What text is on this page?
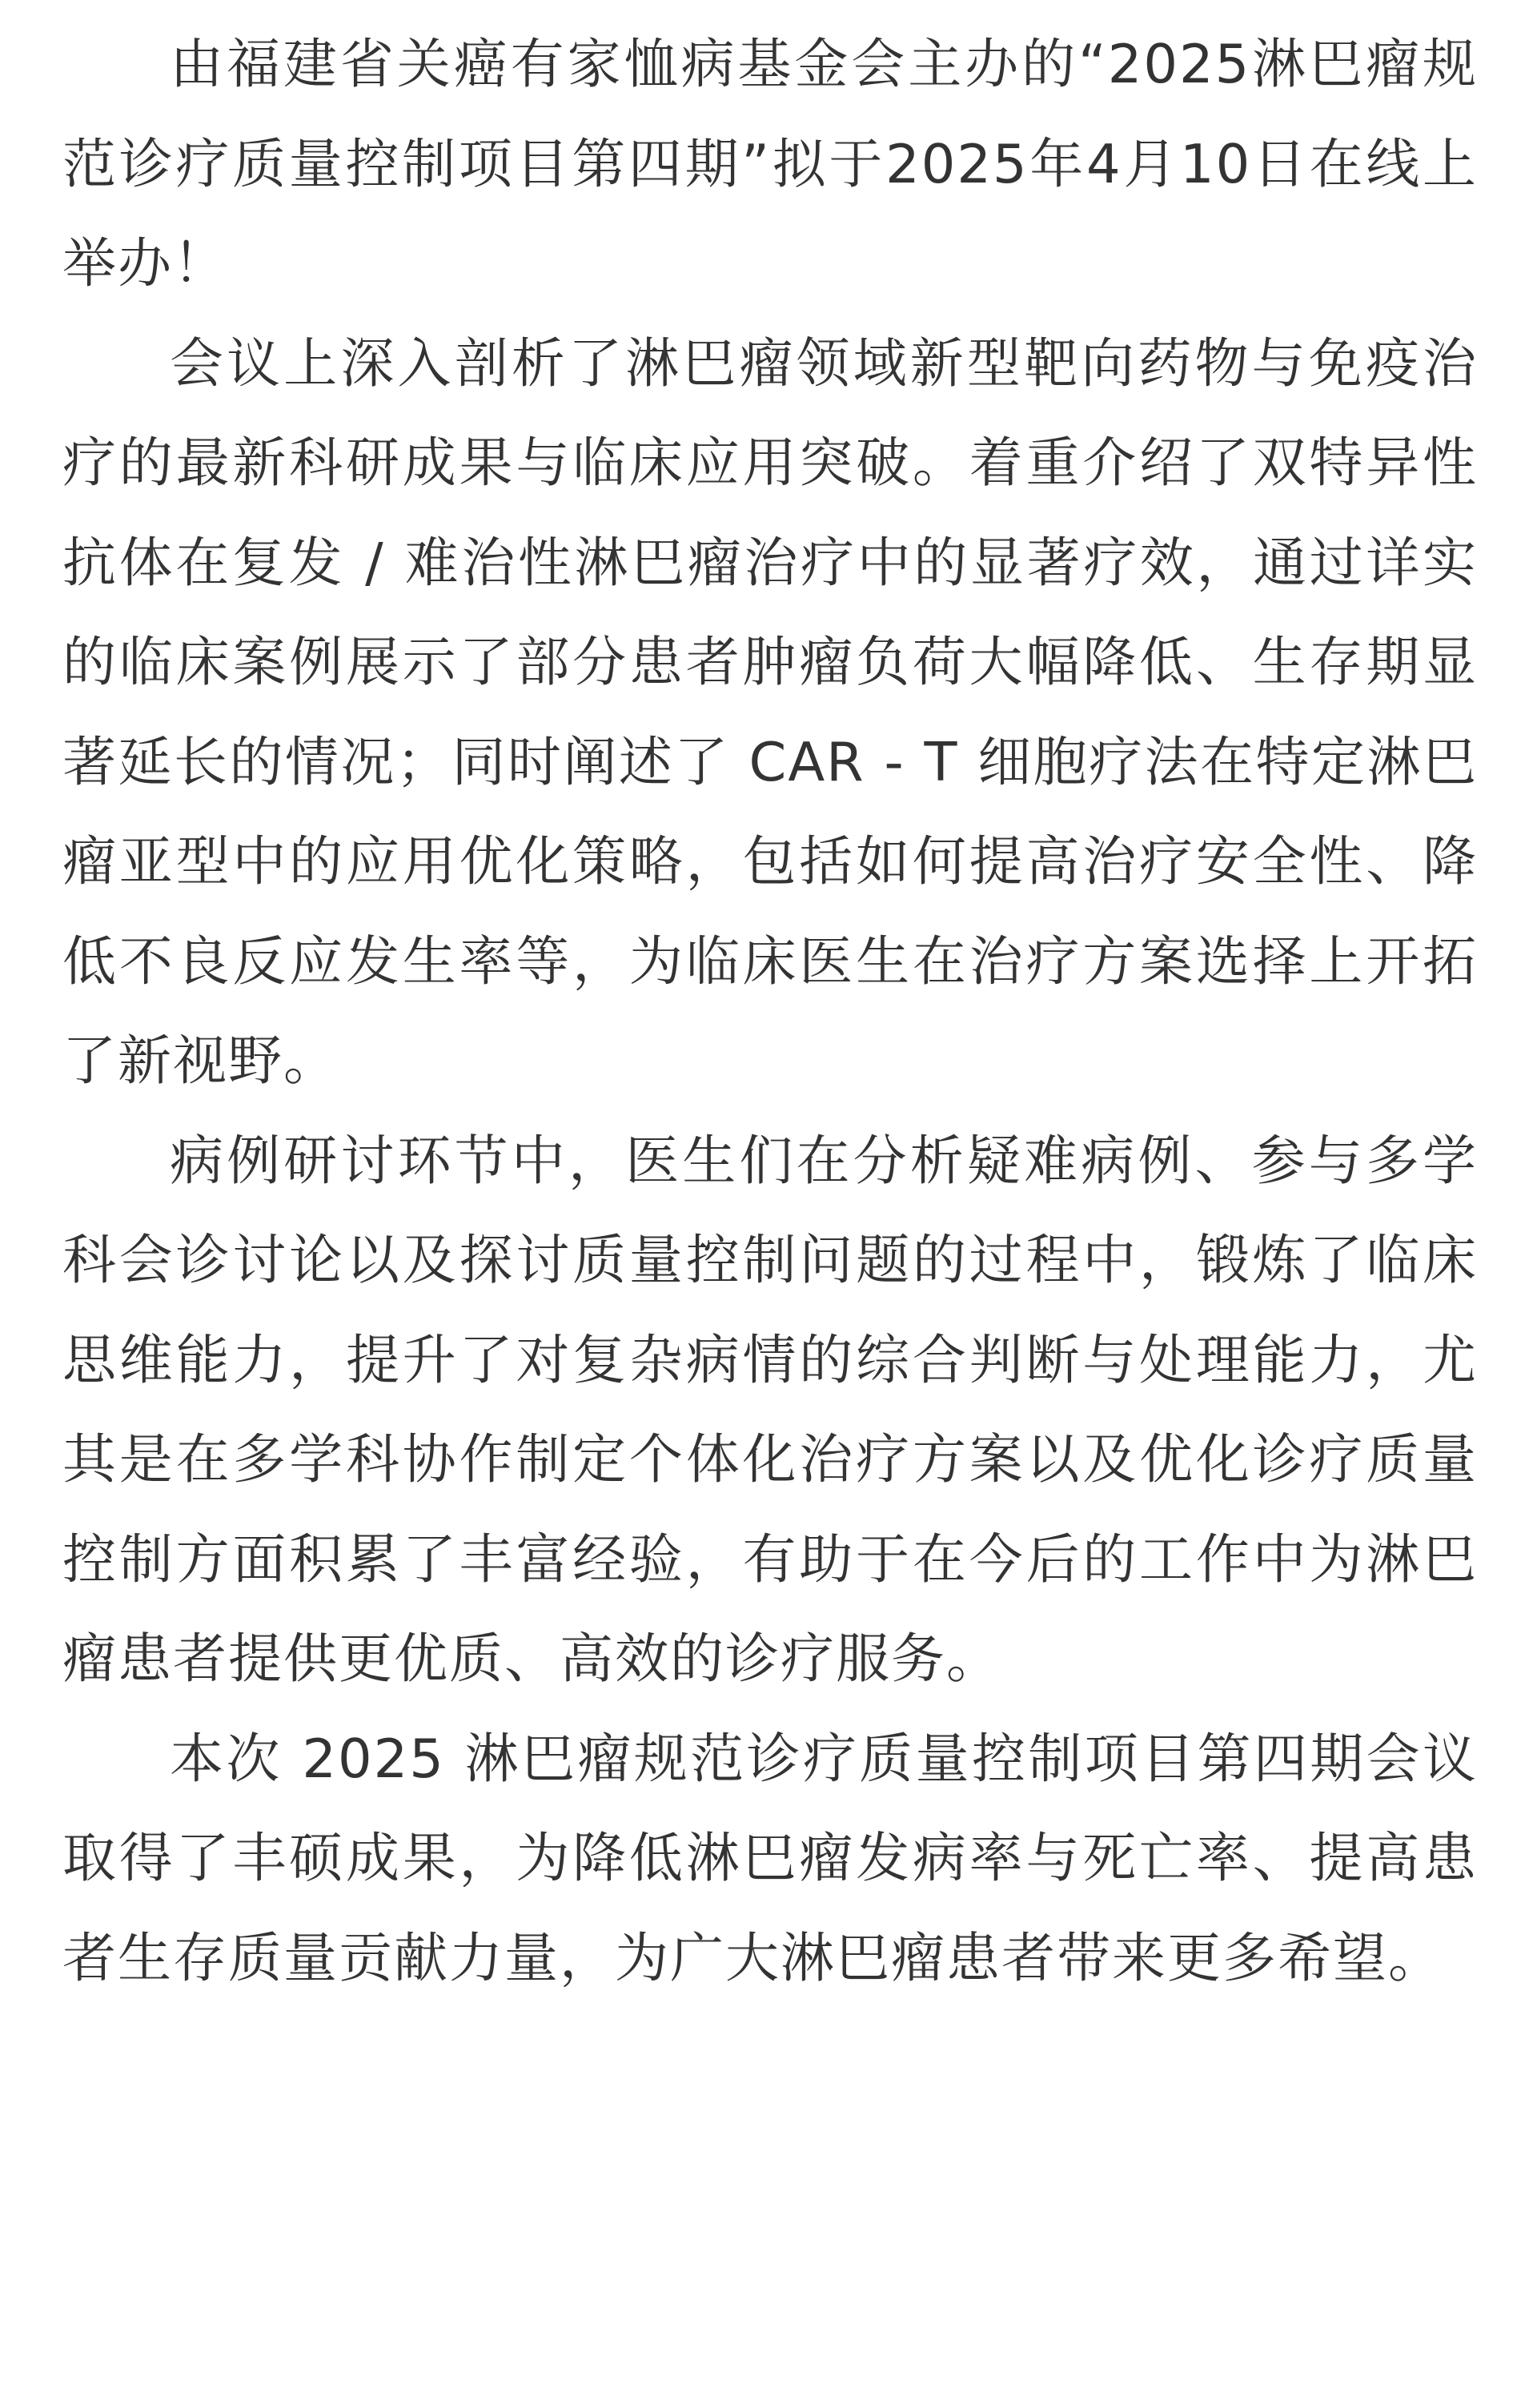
由福建省关癌有家恤病基金会主办的“2025淋巴瘤规范诊疗质量控制项目第四期”拟于2025年4月10日在线上举办！

会议上深入剖析了淋巴瘤领域新型靶向药物与免疫治疗的最新科研成果与临床应用突破。着重介绍了双特异性抗体在复发 / 难治性淋巴瘤治疗中的显著疗效，通过详实的临床案例展示了部分患者肿瘤负荷大幅降低、生存期显著延长的情况；同时阐述了 CAR - T 细胞疗法在特定淋巴瘤亚型中的应用优化策略，包括如何提高治疗安全性、降低不良反应发生率等，为临床医生在治疗方案选择上开拓了新视野。

病例研讨环节中，医生们在分析疑难病例、参与多学科会诊讨论以及探讨质量控制问题的过程中，锻炼了临床思维能力，提升了对复杂病情的综合判断与处理能力，尤其是在多学科协作制定个体化治疗方案以及优化诊疗质量控制方面积累了丰富经验，有助于在今后的工作中为淋巴瘤患者提供更优质、高效的诊疗服务。

本次 2025 淋巴瘤规范诊疗质量控制项目第四期会议取得了丰硕成果，为降低淋巴瘤发病率与死亡率、提高患者生存质量贡献力量，为广大淋巴瘤患者带来更多希望。
